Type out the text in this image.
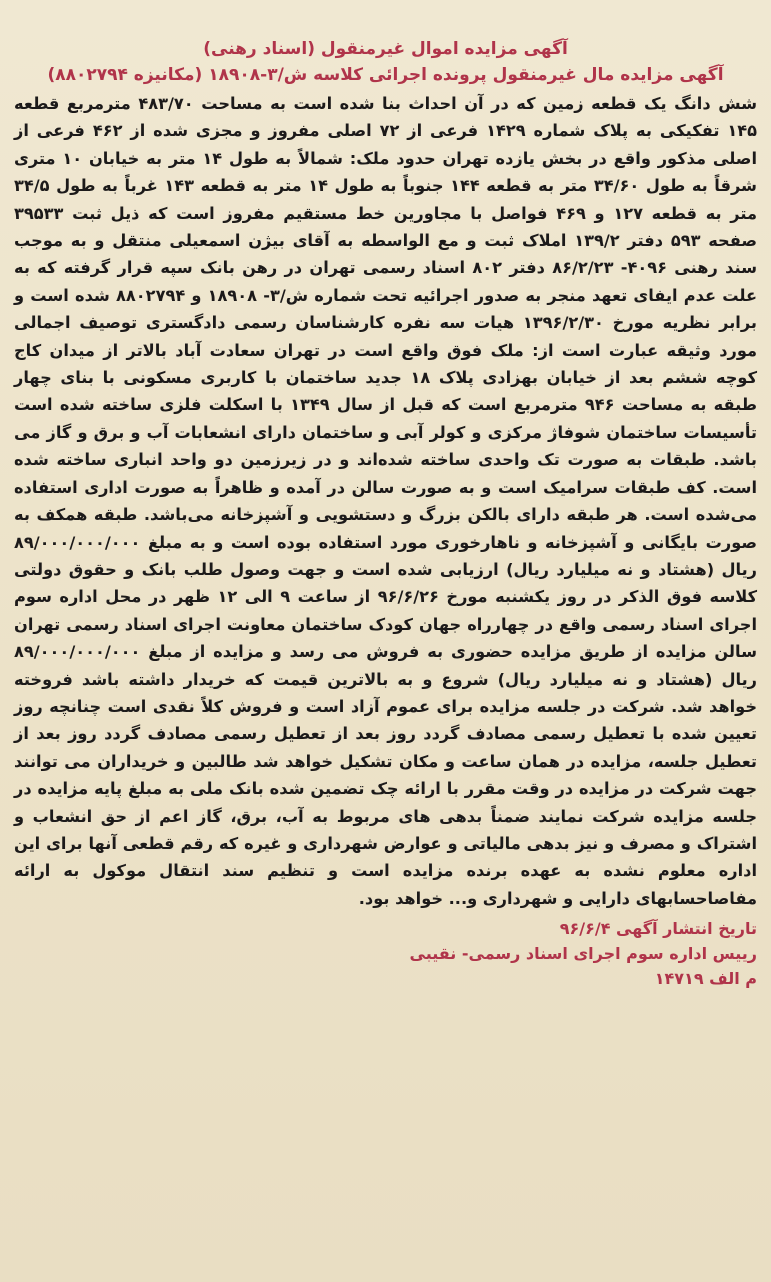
آگهی مزایده اموال غیرمنقول (اسناد رهنی)
آگهی مزایده مال غیرمنقول پرونده اجرائی کلاسه ش/۳-۱۸۹۰۸ (مکانیزه ۸۸۰۲۷۹۴)

شش دانگ یک قطعه زمین که در آن احداث بنا شده است به مساحت ۴۸۳/۷۰ مترمربع قطعه ۱۴۵ تفکیکی به پلاک شماره ۱۴۲۹ فرعی از ۷۲ اصلی مفروز و مجزی شده از ۴۶۲ فرعی از اصلی مذکور واقع در بخش یازده تهران حدود ملک: شمالاً به طول ۱۴ متر به خیابان ۱۰ متری شرقاً به طول ۳۴/۶۰ متر به قطعه ۱۴۴ جنوباً به طول ۱۴ متر به قطعه ۱۴۳ غرباً به طول ۳۴/۵ متر به قطعه ۱۲۷ و ۴۶۹ فواصل با مجاورین خط مستقیم مفروز است که ذیل ثبت ۳۹۵۳۳ صفحه ۵۹۳ دفتر ۱۳۹/۲ املاک ثبت و مع الواسطه به آقای بیژن اسمعیلی منتقل و به موجب سند رهنی ۴۰۹۶- ۸۶/۲/۲۳ دفتر ۸۰۲ اسناد رسمی تهران در رهن بانک سپه قرار گرفته که به علت عدم ایفای تعهد منجر به صدور اجرائیه تحت شماره ش/۳- ۱۸۹۰۸ و ۸۸۰۲۷۹۴ شده است و برابر نظریه مورخ ۱۳۹۶/۲/۳۰ هیات سه نفره کارشناسان رسمی دادگستری توصیف اجمالی مورد وثیقه عبارت است از: ملک فوق واقع است در تهران سعادت آباد بالاتر از میدان کاج کوچه ششم بعد از خیابان بهزادی پلاک ۱۸ جدید ساختمان با کاربری مسکونی با بنای چهار طبقه به مساحت ۹۴۶ مترمربع است که قبل از سال ۱۳۴۹ با اسکلت فلزی ساخته شده است تأسیسات ساختمان شوفاژ مرکزی و کولر آبی و ساختمان دارای انشعابات آب و برق و گاز می باشد. طبقات به صورت تک واحدی ساخته شده‌اند و در زیرزمین دو واحد انباری ساخته شده است. کف طبقات سرامیک است و به صورت سالن در آمده و ظاهراً به صورت اداری استفاده می‌شده است. هر طبقه دارای بالکن بزرگ و دستشویی و آشپزخانه می‌باشد. طبقه همکف به صورت بایگانی و آشپزخانه و ناهارخوری مورد استفاده بوده است و به مبلغ ۸۹/۰۰۰/۰۰۰/۰۰۰ ریال (هشتاد و نه میلیارد ریال) ارزیابی شده است و جهت وصول طلب بانک و حقوق دولتی کلاسه فوق الذکر در روز یکشنبه مورخ ۹۶/۶/۲۶ از ساعت ۹ الی ۱۲ ظهر در محل اداره سوم اجرای اسناد رسمی واقع در چهارراه جهان کودک ساختمان معاونت اجرای اسناد رسمی تهران سالن مزایده از طریق مزایده حضوری به فروش می رسد و مزایده از مبلغ ۸۹/۰۰۰/۰۰۰/۰۰۰ ریال (هشتاد و نه میلیارد ریال) شروع و به بالاترین قیمت که خریدار داشته باشد فروخته خواهد شد. شرکت در جلسه مزایده برای عموم آزاد است و فروش کلاً نقدی است چنانچه روز تعیین شده با تعطیل رسمی مصادف گردد روز بعد از تعطیل رسمی مصادف گردد روز بعد از تعطیل جلسه، مزایده در همان ساعت و مکان تشکیل خواهد شد طالبین و خریداران می توانند جهت شرکت در مزایده در وقت مقرر با ارائه چک تضمین شده بانک ملی به مبلغ پایه مزایده در جلسه مزایده شرکت نمایند ضمناً بدهی های مربوط به آب، برق، گاز اعم از حق انشعاب و اشتراک و مصرف و نیز بدهی مالیاتی و عوارض شهرداری و غیره که رقم قطعی آنها برای این اداره معلوم نشده به عهده برنده مزایده است و تنظیم سند انتقال موکول به ارائه مفاصاحسابهای دارایی و شهرداری و... خواهد بود.

تاریخ انتشار آگهی ۹۶/۶/۴
رییس اداره سوم اجرای اسناد رسمی- نقیبی
م الف ۱۴۷۱۹
